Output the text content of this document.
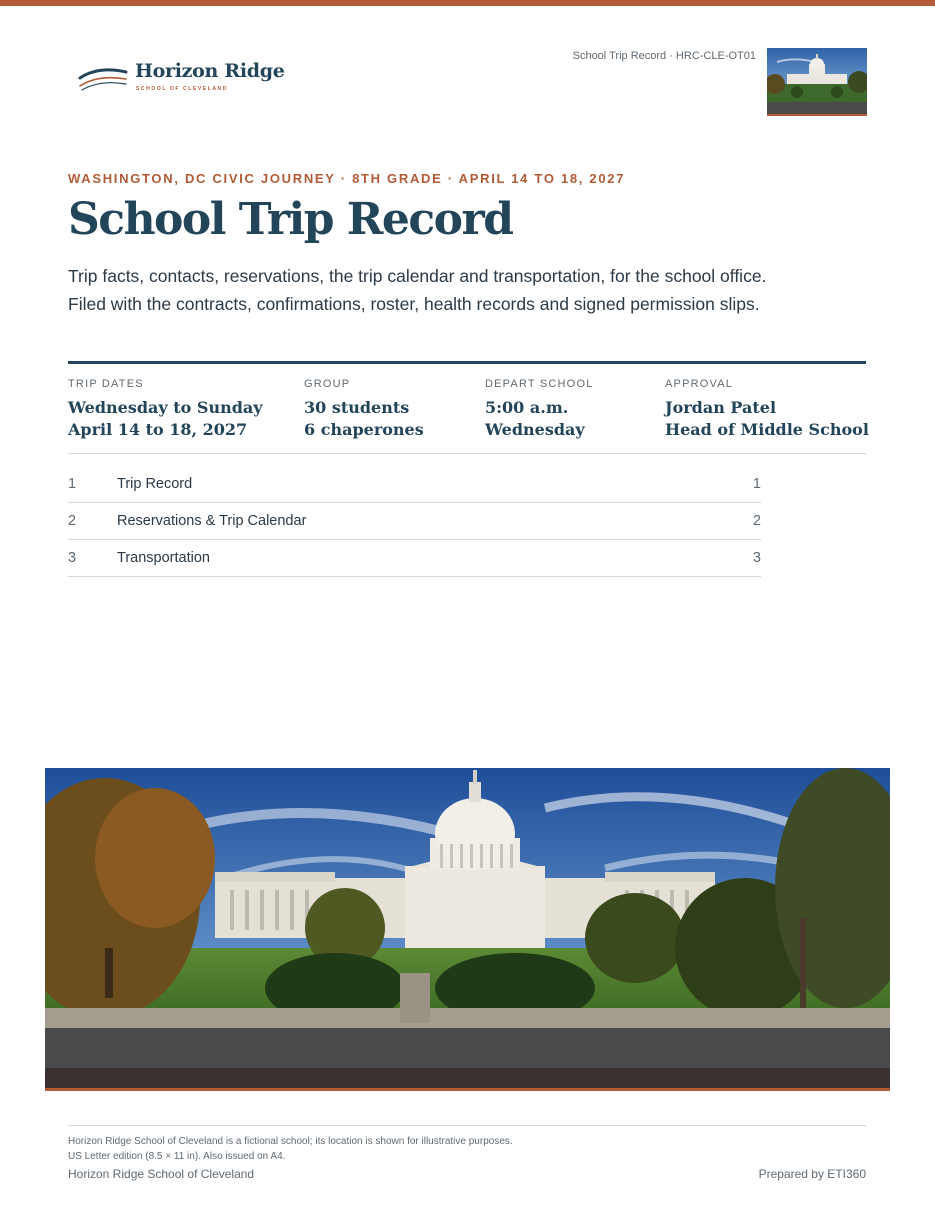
Horizon Ridge
SCHOOL OF CLEVELAND
School Trip Record · HRC-CLE-OT01
WASHINGTON, DC CIVIC JOURNEY · 8TH GRADE · APRIL 14 TO 18, 2027
School Trip Record

Trip facts, contacts, reservations, the trip calendar and transportation, for the school office. Filed with the contracts, confirmations, roster, health records and signed permission slips.

TRIP DATES
Wednesday to Sunday
April 14 to 18, 2027
GROUP
30 students
6 chaperones
DEPART SCHOOL
5:00 a.m.
Wednesday
APPROVAL
Jordan Patel
Head of Middle School
1	Trip Record	1
2	Reservations & Trip Calendar	2
3	Transportation	3
Horizon Ridge School of Cleveland is a fictional school; its location is shown for illustrative purposes.
US Letter edition (8.5 × 11 in). Also issued on A4.
Horizon Ridge School of Cleveland	Prepared by ETI360
